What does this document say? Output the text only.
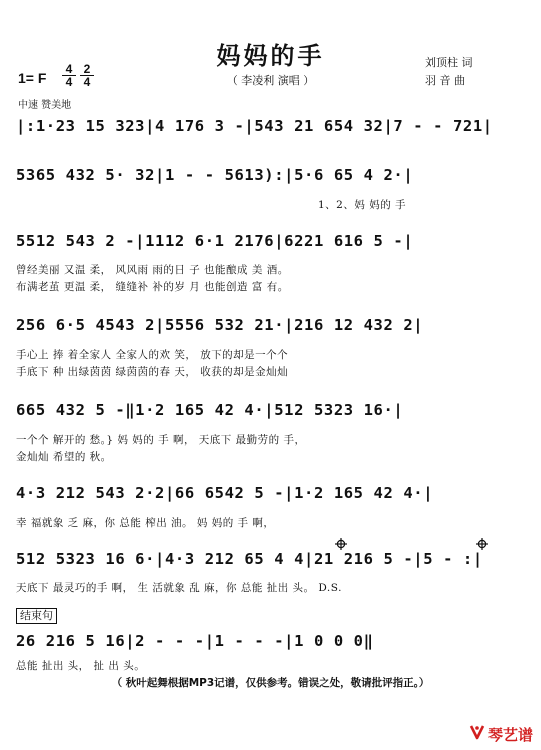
妈妈的手
（ 李凌利 演唱 ）
刘顶柱 词
羽 音 曲
1= F
4
4
2
4
中速 赞美地
|:1·23 15 323|4 176 3 -|543 21 654 32|7 - - 721|
5365 432 5· 32|1 - - 5613):|5·6 65 4 2·|
1、2、妈 妈的 手
5512 543 2 -|1112 6·1 2176|6221 616 5 -|
曾经美丽 又温 柔， 风风雨 雨的日 子 也能酿成 美 酒。
布满老茧 更温 柔， 缝缝补 补的岁 月 也能创造 富 有。
256 6·5 4543 2|5556 532 21·|216 12 432 2|
手心上 捧 着全家人 全家人的欢 笑， 放下的却是一个个
手底下 种 出绿茵茵 绿茵茵的春 天， 收获的却是金灿灿
665 432 5 -‖1·2 165 42 4·|512 5323 16·|
一个个 解开的 愁。} 妈 妈的 手 啊， 天底下 最勤劳的 手，
金灿灿 希望的 秋。
4·3 212 543 2·2|66 6542 5 -|1·2 165 42 4·|
幸 福就象 乏 麻，你 总能 榨出 油。 妈 妈的 手 啊，
512 5323 16 6·|4·3 212 65 4 4|21 216 5 -|5 - :|
天底下 最灵巧的手 啊， 生 活就象 乱 麻，你 总能 扯出 头。 D.S.
结束句
26 216 5 16|2 - - -|1 - - -|1 0 0 0‖
总能 扯出 头， 扯 出 头。
（ 秋叶起舞根据MP3记谱，仅供参考。错误之处，敬请批评指正。）
琴艺谱
